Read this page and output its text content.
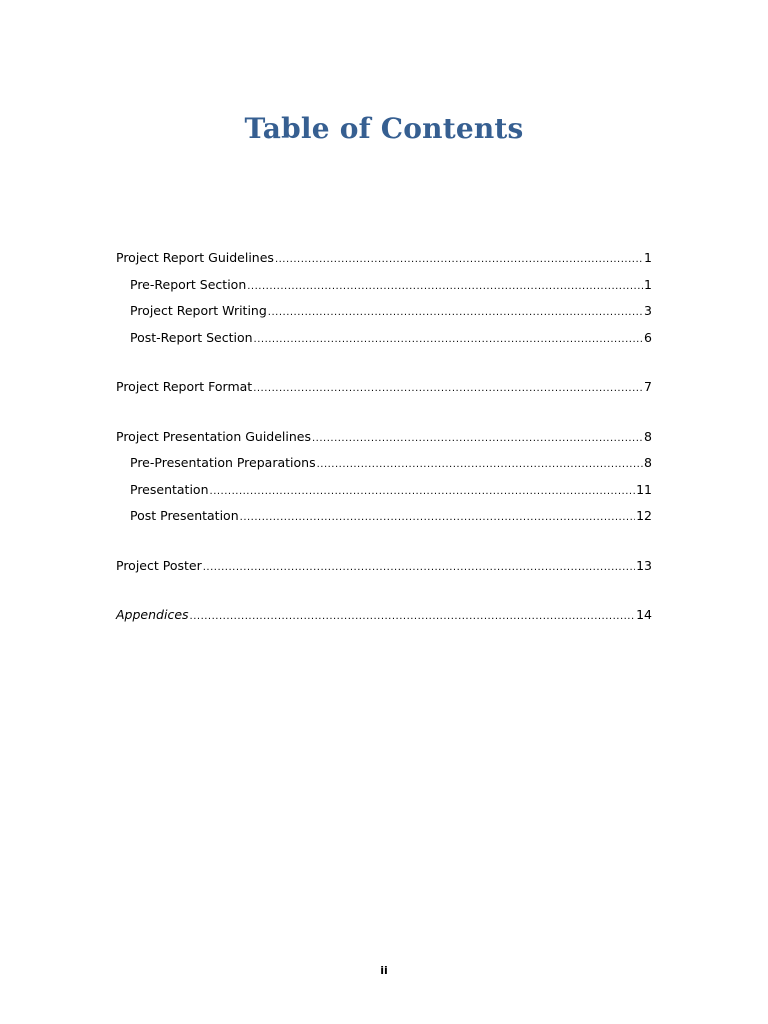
Table of Contents
Project Report Guidelines .....	1
Pre-Report Section .....	1
Project Report Writing .....	3
Post-Report Section .....	6
Project Report Format .....	7
Project Presentation Guidelines .....	8
Pre-Presentation Preparations .....	8
Presentation .....	11
Post Presentation .....	12
Project Poster .....	13
Appendices .....	14
ii
